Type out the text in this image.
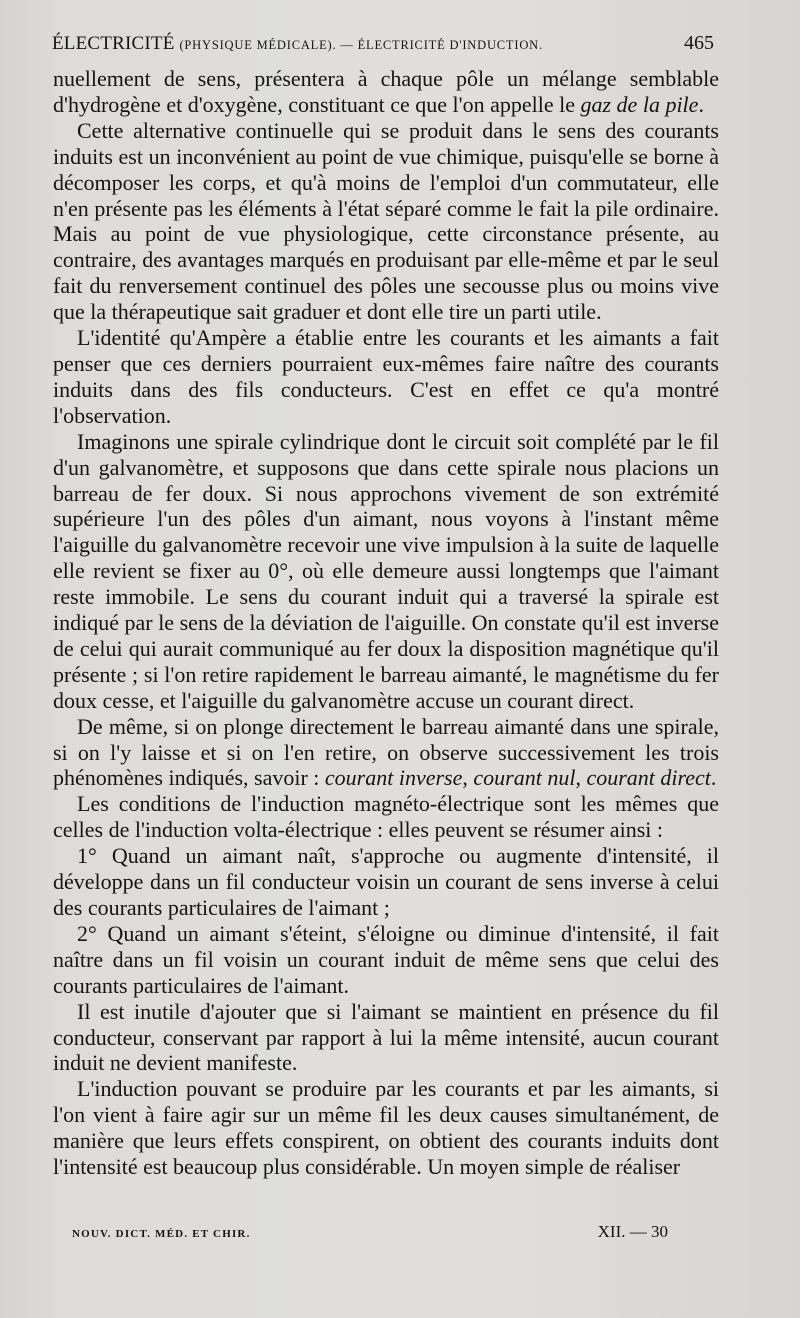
ÉLECTRICITÉ (PHYSIQUE MÉDICALE). — ÉLECTRICITÉ D'INDUCTION.	465

nuellement de sens, présentera à chaque pôle un mélange semblable d'hydrogène et d'oxygène, constituant ce que l'on appelle le gaz de la pile.

Cette alternative continuelle qui se produit dans le sens des courants induits est un inconvénient au point de vue chimique, puisqu'elle se borne à décomposer les corps, et qu'à moins de l'emploi d'un commutateur, elle n'en présente pas les éléments à l'état séparé comme le fait la pile ordinaire. Mais au point de vue physiologique, cette circonstance présente, au contraire, des avantages marqués en produisant par elle-même et par le seul fait du renversement continuel des pôles une secousse plus ou moins vive que la thérapeutique sait graduer et dont elle tire un parti utile.

L'identité qu'Ampère a établie entre les courants et les aimants a fait penser que ces derniers pourraient eux-mêmes faire naître des courants induits dans des fils conducteurs. C'est en effet ce qu'a montré l'observation.

Imaginons une spirale cylindrique dont le circuit soit complété par le fil d'un galvanomètre, et supposons que dans cette spirale nous placions un barreau de fer doux. Si nous approchons vivement de son extrémité supérieure l'un des pôles d'un aimant, nous voyons à l'instant même l'aiguille du galvanomètre recevoir une vive impulsion à la suite de laquelle elle revient se fixer au 0°, où elle demeure aussi longtemps que l'aimant reste immobile. Le sens du courant induit qui a traversé la spirale est indiqué par le sens de la déviation de l'aiguille. On constate qu'il est inverse de celui qui aurait communiqué au fer doux la disposition magnétique qu'il présente ; si l'on retire rapidement le barreau aimanté, le magnétisme du fer doux cesse, et l'aiguille du galvanomètre accuse un courant direct.

De même, si on plonge directement le barreau aimanté dans une spirale, si on l'y laisse et si on l'en retire, on observe successivement les trois phénomènes indiqués, savoir : courant inverse, courant nul, courant direct.

Les conditions de l'induction magnéto-électrique sont les mêmes que celles de l'induction volta-électrique : elles peuvent se résumer ainsi :

1° Quand un aimant naît, s'approche ou augmente d'intensité, il développe dans un fil conducteur voisin un courant de sens inverse à celui des courants particulaires de l'aimant ;

2° Quand un aimant s'éteint, s'éloigne ou diminue d'intensité, il fait naître dans un fil voisin un courant induit de même sens que celui des courants particulaires de l'aimant.

Il est inutile d'ajouter que si l'aimant se maintient en présence du fil conducteur, conservant par rapport à lui la même intensité, aucun courant induit ne devient manifeste.

L'induction pouvant se produire par les courants et par les aimants, si l'on vient à faire agir sur un même fil les deux causes simultanément, de manière que leurs effets conspirent, on obtient des courants induits dont l'intensité est beaucoup plus considérable. Un moyen simple de réaliser

NOUV. DICT. MÉD. ET CHIR.	XII. — 30
